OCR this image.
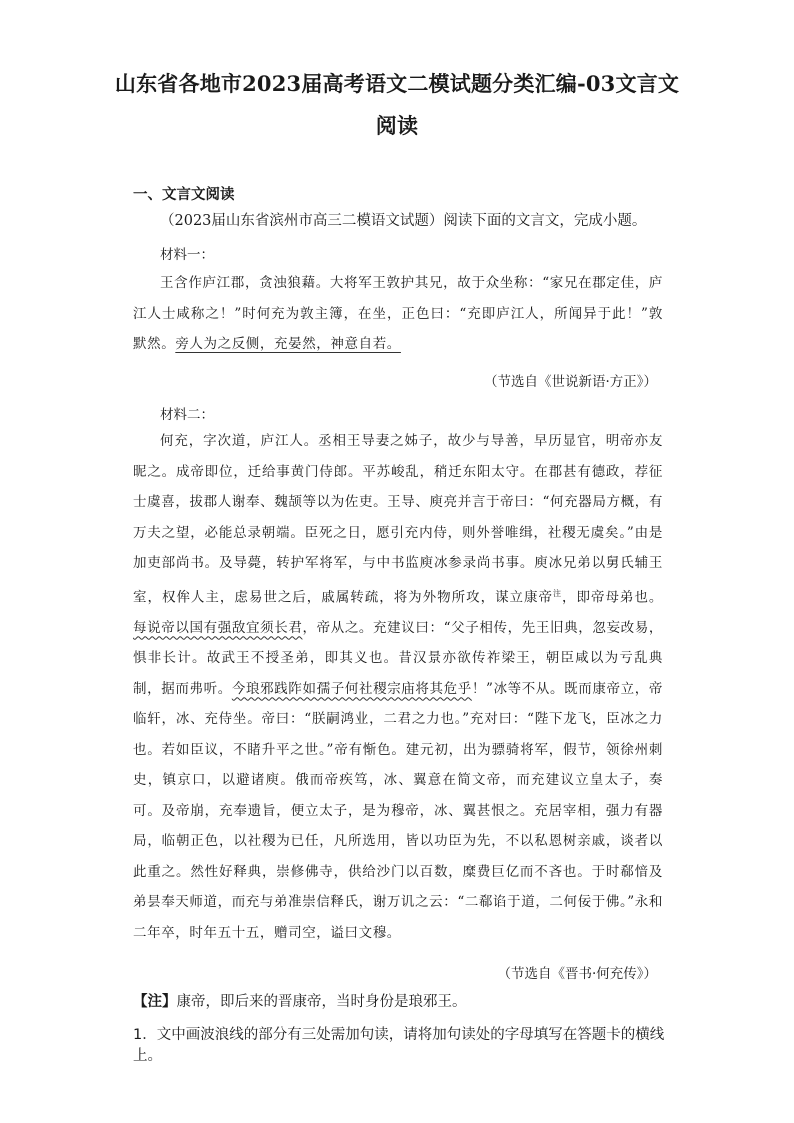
山东省各地市2023届高考语文二模试题分类汇编-03文言文
阅读

一、文言文阅读

（2023届山东省滨州市高三二模语文试题）阅读下面的文言文，完成小题。

材料一：

王含作庐江郡，贪浊狼藉。大将军王敦护其兄，故于众坐称：“家兄在郡定佳，庐江人士咸称之！”时何充为敦主簿，在坐，正色曰：“充即庐江人，所闻异于此！”敦默然。旁人为之反侧，充晏然，神意自若。

（节选自《世说新语·方正》）

材料二：

何充，字次道，庐江人。丞相王导妻之姊子，故少与导善，早历显官，明帝亦友昵之。成帝即位，迁给事黄门侍郎。平苏峻乱，稍迁东阳太守。在郡甚有德政，荐征士虞喜，拔郡人谢奉、魏颉等以为佐吏。王导、庾亮并言于帝曰：“何充器局方概，有万夫之望，必能总录朝端。臣死之日，愿引充内侍，则外誉唯缉，社稷无虞矣。”由是加吏部尚书。及导薨，转护军将军，与中书监庾冰参录尚书事。庾冰兄弟以舅氏辅王室，权侔人主，虑易世之后，戚属转疏，将为外物所攻，谋立康帝$^注$，即帝母弟也。每说帝以国有强敌宜须长君，帝从之。充建议曰：“父子相传，先王旧典，忽妄改易，惧非长计。故武王不授圣弟，即其义也。昔汉景亦欲传祚梁王，朝臣咸以为亏乱典制，据而弗听。今琅邪践阼如孺子何社稷宗庙将其危乎！”冰等不从。既而康帝立，帝临轩，冰、充侍坐。帝曰：“朕嗣鸿业，二君之力也。”充对曰：“陛下龙飞，臣冰之力也。若如臣议，不睹升平之世。”帝有惭色。建元初，出为骠骑将军，假节，领徐州刺史，镇京口，以避诸庾。俄而帝疾笃，冰、翼意在简文帝，而充建议立皇太子，奏可。及帝崩，充奉遗旨，便立太子，是为穆帝，冰、翼甚恨之。充居宰相，强力有器局，临朝正色，以社稷为已任，凡所选用，皆以功臣为先，不以私恩树亲戚，谈者以此重之。然性好释典，崇修佛寺，供给沙门以百数，糜费巨亿而不吝也。于时郗愔及弟昙奉天师道，而充与弟准崇信释氏，谢万讥之云：“二郗谄于道，二何佞于佛。”永和二年卒，时年五十五，赠司空，谥曰文穆。

（节选自《晋书·何充传》）

【注】康帝，即后来的晋康帝，当时身份是琅邪王。

1．文中画波浪线的部分有三处需加句读，请将加句读处的字母填写在答题卡的横线上。
